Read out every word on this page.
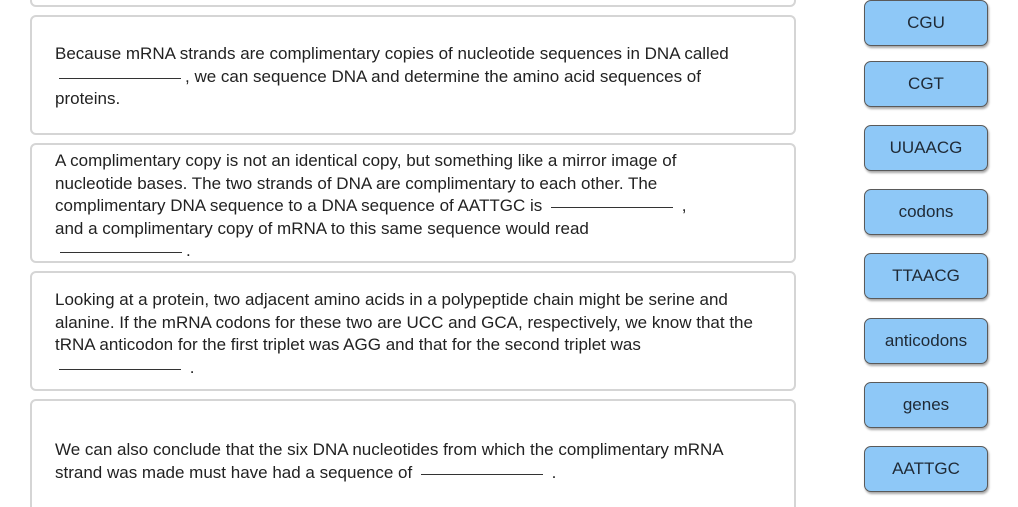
Because mRNA strands are complimentary copies of nucleotide sequences in DNA called , we can sequence DNA and determine the amino acid sequences of proteins.
A complimentary copy is not an identical copy, but something like a mirror image of nucleotide bases. The two strands of DNA are complimentary to each other. The complimentary DNA sequence to a DNA sequence of AATTGC is	,
and a complimentary copy of mRNA to this same sequence would read
.
Looking at a protein, two adjacent amino acids in a polypeptide chain might be serine and alanine. If the mRNA codons for these two are UCC and GCA, respectively, we know that the tRNA anticodon for the first triplet was AGG and that for the second triplet was  .
We can also conclude that the six DNA nucleotides from which the complimentary mRNA strand was made must have had a sequence of	.
CGU
CGT
UUAACG
codons
TTAACG
anticodons
genes
AATTGC
